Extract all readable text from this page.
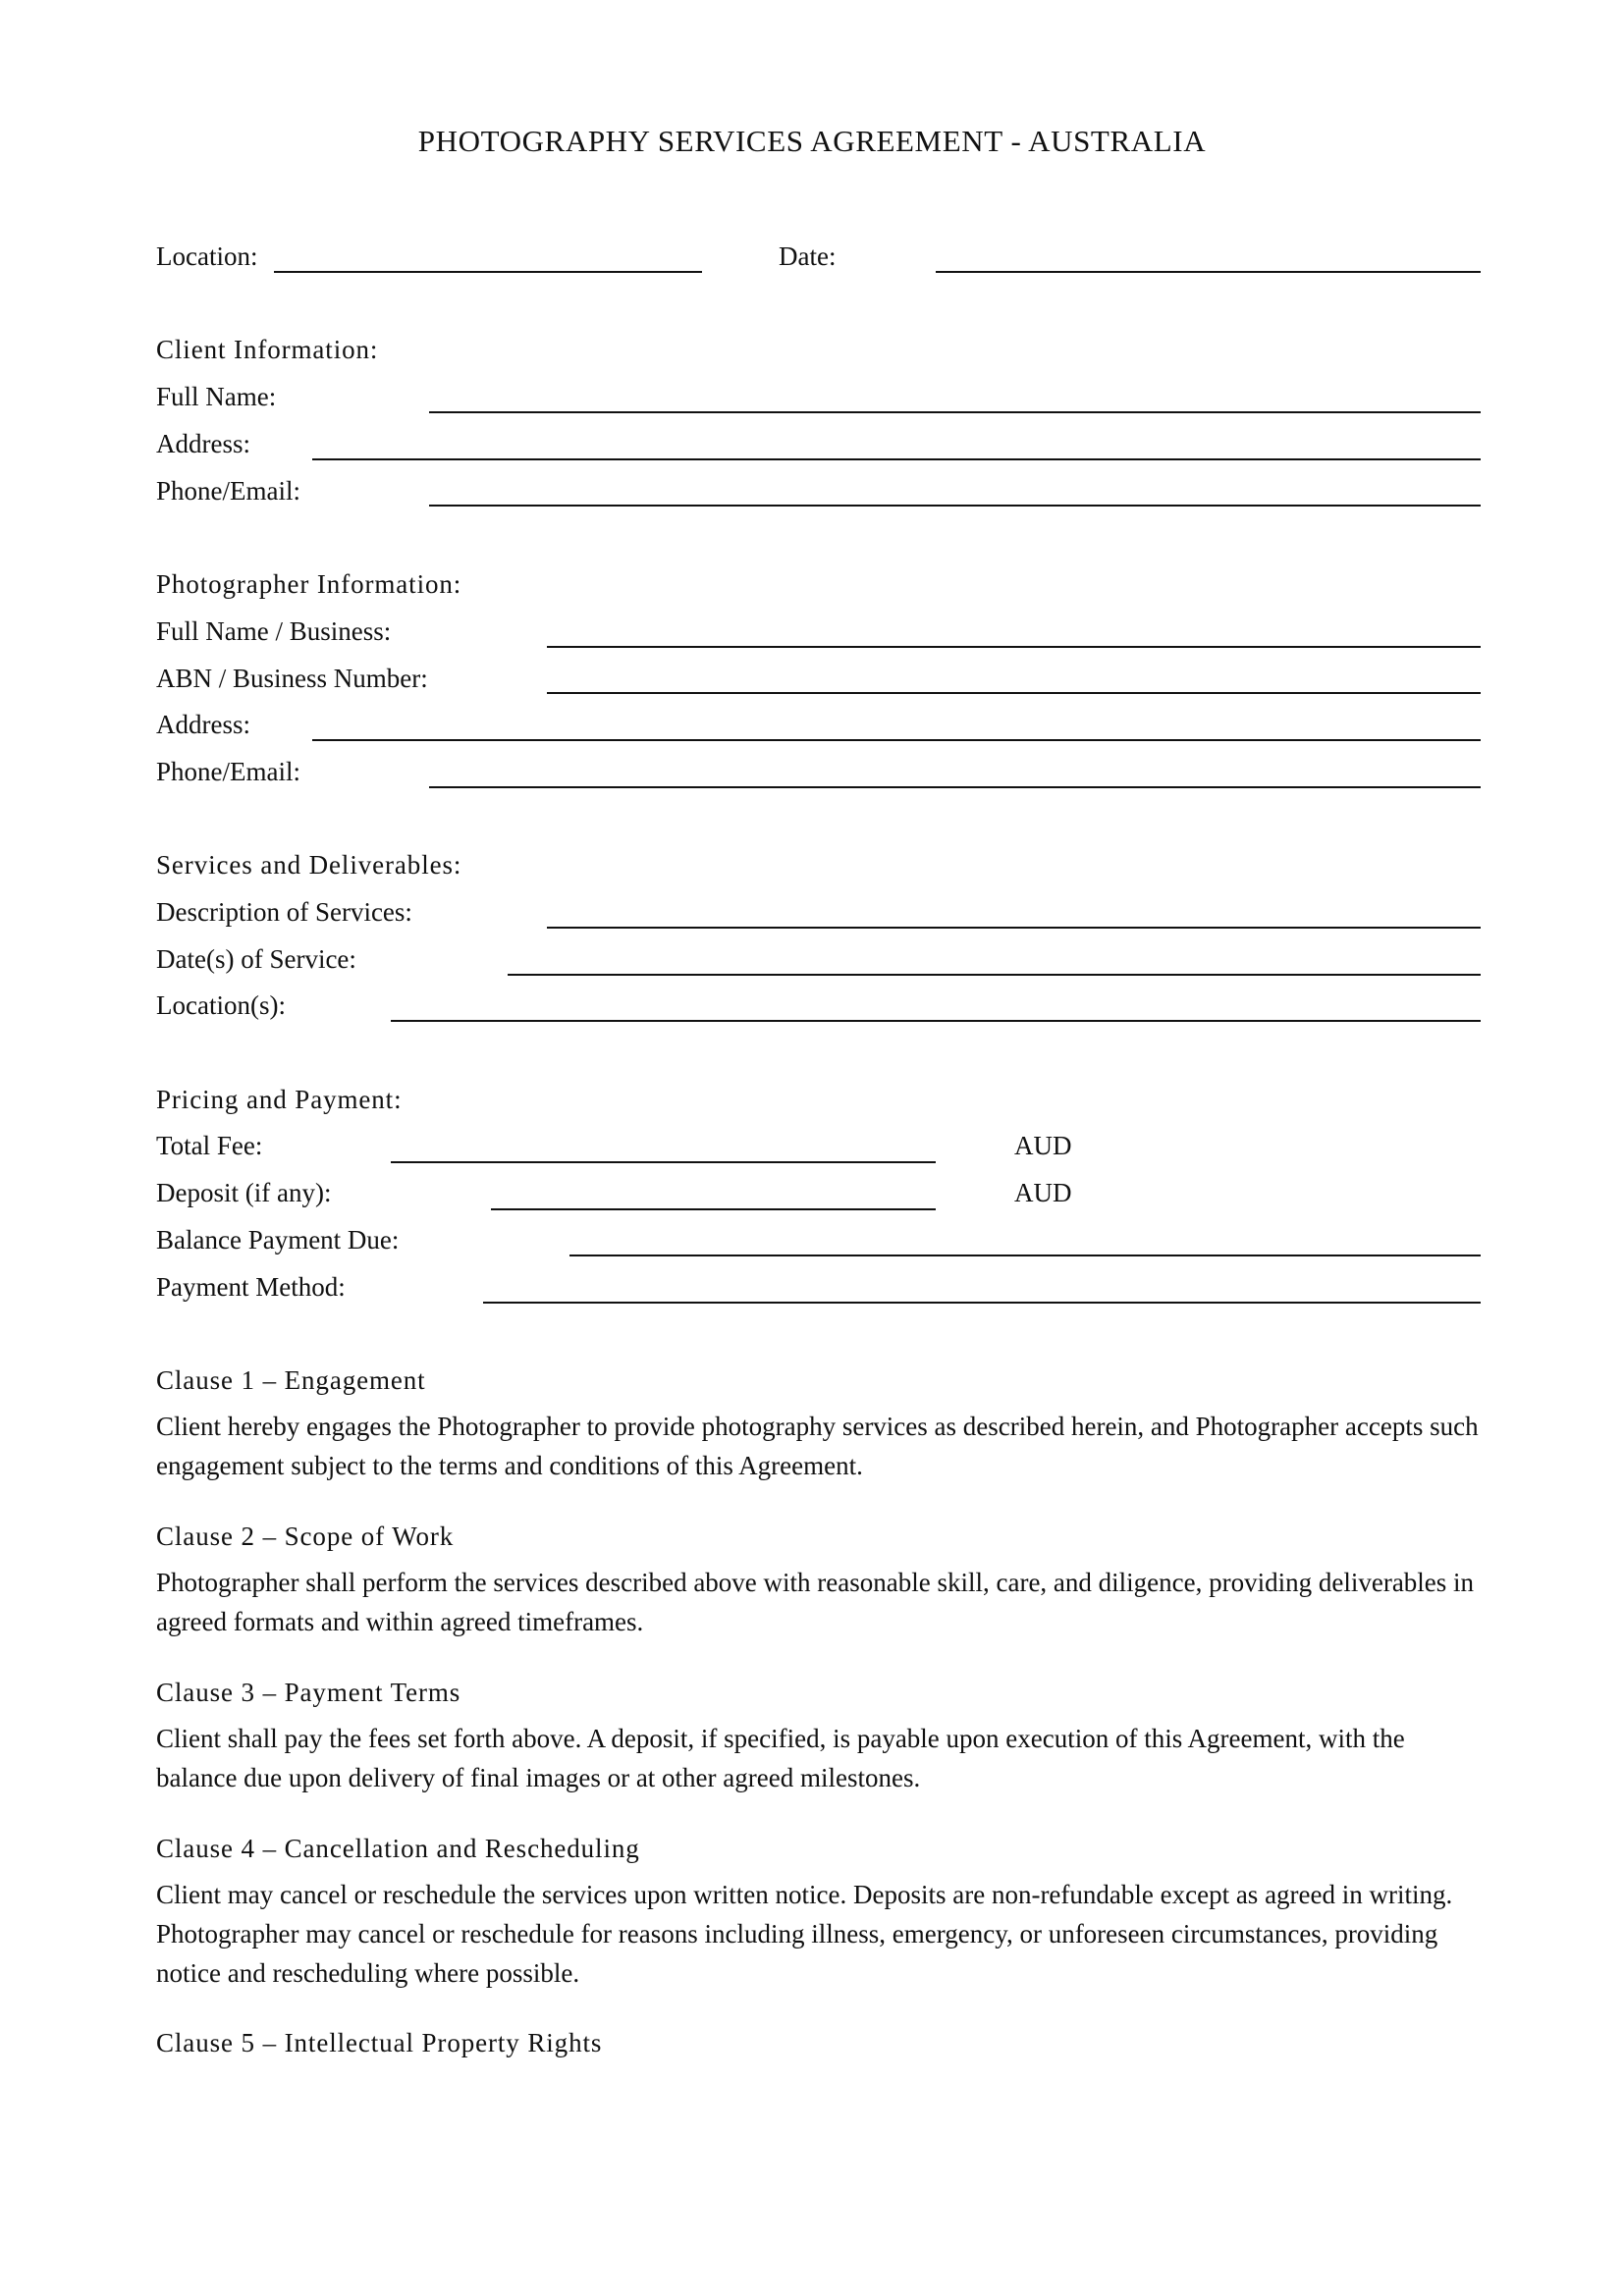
PHOTOGRAPHY SERVICES AGREEMENT - AUSTRALIA
Location:	Date:
Client Information:
Full Name:
Address:
Phone/Email:
Photographer Information:
Full Name / Business:
ABN / Business Number:
Address:
Phone/Email:
Services and Deliverables:
Description of Services:
Date(s) of Service:
Location(s):
Pricing and Payment:
Total Fee:	AUD
Deposit (if any):	AUD
Balance Payment Due:
Payment Method:
Clause 1 – Engagement
Client hereby engages the Photographer to provide photography services as described herein, and Photographer accepts such engagement subject to the terms and conditions of this Agreement.
Clause 2 – Scope of Work
Photographer shall perform the services described above with reasonable skill, care, and diligence, providing deliverables in agreed formats and within agreed timeframes.
Clause 3 – Payment Terms
Client shall pay the fees set forth above. A deposit, if specified, is payable upon execution of this Agreement, with the balance due upon delivery of final images or at other agreed milestones.
Clause 4 – Cancellation and Rescheduling
Client may cancel or reschedule the services upon written notice. Deposits are non-refundable except as agreed in writing. Photographer may cancel or reschedule for reasons including illness, emergency, or unforeseen circumstances, providing notice and rescheduling where possible.
Clause 5 – Intellectual Property Rights
